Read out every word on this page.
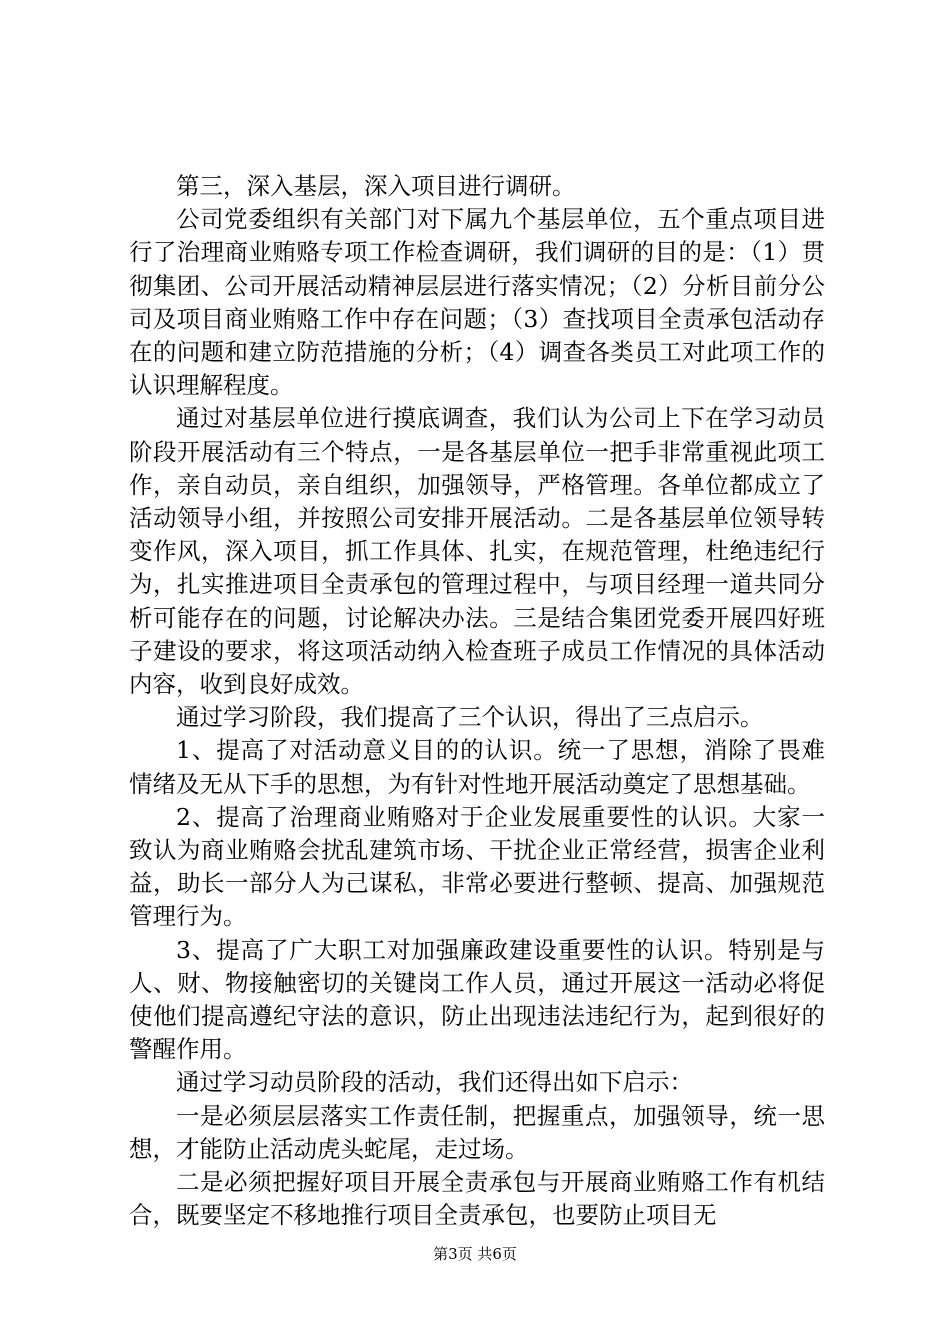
第三，深入基层，深入项目进行调研。

公司党委组织有关部门对下属九个基层单位，五个重点项目进行了治理商业贿赂专项工作检查调研，我们调研的目的是：（1）贯彻集团、公司开展活动精神层层进行落实情况；（2）分析目前分公司及项目商业贿赂工作中存在问题；（3）查找项目全责承包活动存在的问题和建立防范措施的分析；（4）调查各类员工对此项工作的认识理解程度。

通过对基层单位进行摸底调查，我们认为公司上下在学习动员阶段开展活动有三个特点，一是各基层单位一把手非常重视此项工作，亲自动员，亲自组织，加强领导，严格管理。各单位都成立了活动领导小组，并按照公司安排开展活动。二是各基层单位领导转变作风，深入项目，抓工作具体、扎实，在规范管理，杜绝违纪行为，扎实推进项目全责承包的管理过程中，与项目经理一道共同分析可能存在的问题，讨论解决办法。三是结合集团党委开展四好班子建设的要求，将这项活动纳入检查班子成员工作情况的具体活动内容，收到良好成效。

通过学习阶段，我们提高了三个认识，得出了三点启示。

1、提高了对活动意义目的的认识。统一了思想，消除了畏难情绪及无从下手的思想，为有针对性地开展活动奠定了思想基础。

2、提高了治理商业贿赂对于企业发展重要性的认识。大家一致认为商业贿赂会扰乱建筑市场、干扰企业正常经营，损害企业利益，助长一部分人为己谋私，非常必要进行整顿、提高、加强规范管理行为。

3、提高了广大职工对加强廉政建设重要性的认识。特别是与人、财、物接触密切的关键岗工作人员，通过开展这一活动必将促使他们提高遵纪守法的意识，防止出现违法违纪行为，起到很好的警醒作用。

通过学习动员阶段的活动，我们还得出如下启示：

一是必须层层落实工作责任制，把握重点，加强领导，统一思想，才能防止活动虎头蛇尾，走过场。

二是必须把握好项目开展全责承包与开展商业贿赂工作有机结合，既要坚定不移地推行项目全责承包，也要防止项目无

第3页 共6页
